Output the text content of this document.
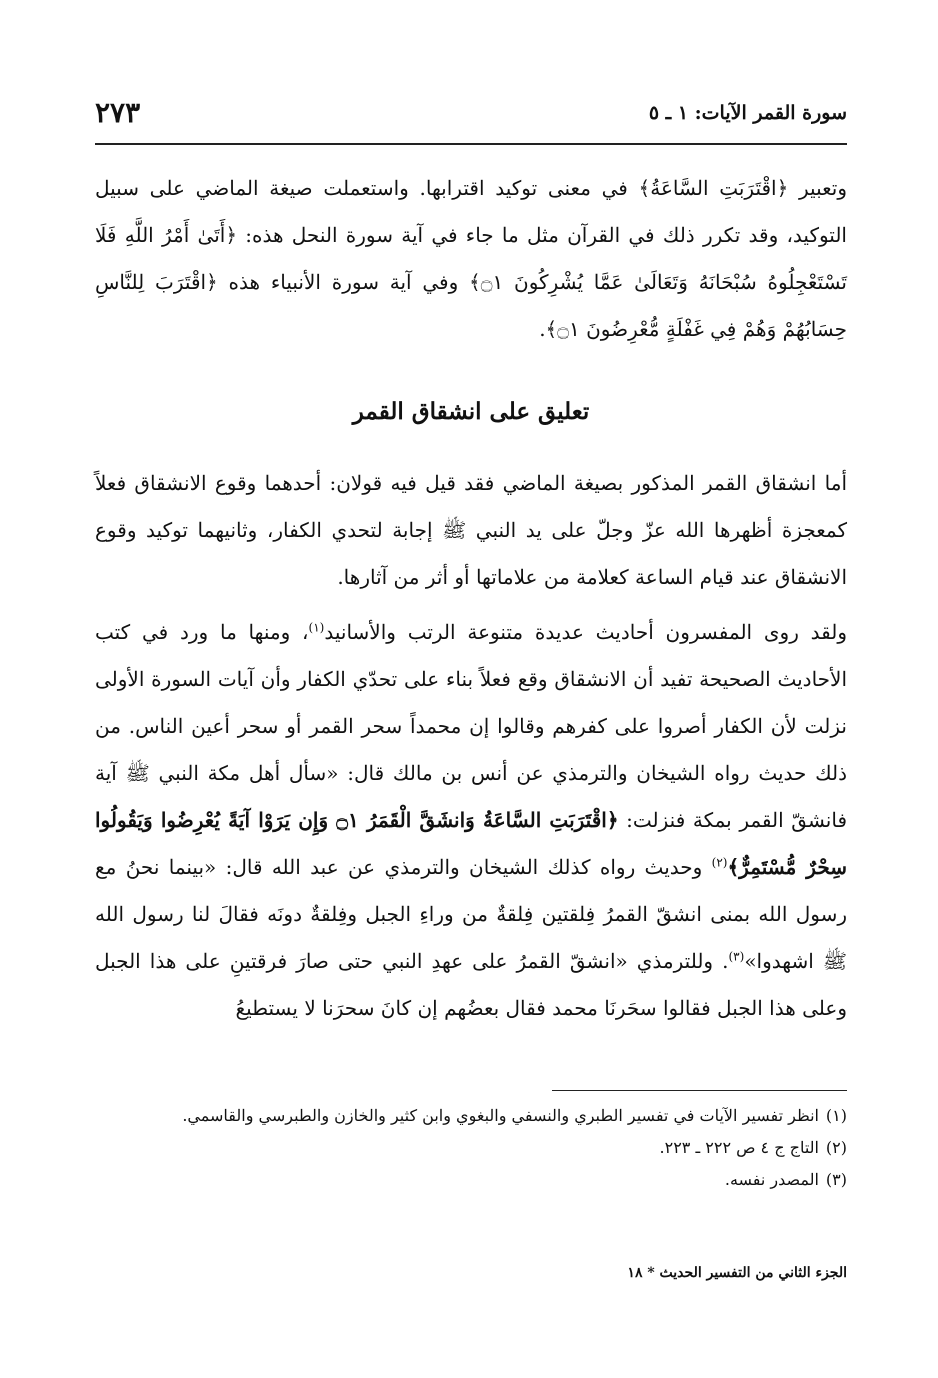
سورة القمر الآيات: ١ ـ ٥
٢٧٣

وتعبير ﴿اقْتَرَبَتِ السَّاعَةُ﴾ في معنى توكيد اقترابها. واستعملت صيغة الماضي على سبيل التوكيد، وقد تكرر ذلك في القرآن مثل ما جاء في آية سورة النحل هذه: ﴿أَتَىٰ أَمْرُ اللَّهِ فَلَا تَسْتَعْجِلُوهُ سُبْحَانَهُ وَتَعَالَىٰ عَمَّا يُشْرِكُونَ ۝١﴾ وفي آية سورة الأنبياء هذه ﴿اقْتَرَبَ لِلنَّاسِ حِسَابُهُمْ وَهُمْ فِي غَفْلَةٍ مُّعْرِضُونَ ۝١﴾.

تعليق على انشقاق القمر

أما انشقاق القمر المذكور بصيغة الماضي فقد قيل فيه قولان: أحدهما وقوع الانشقاق فعلاً كمعجزة أظهرها الله عزّ وجلّ على يد النبي ﷺ إجابة لتحدي الكفار، وثانيهما توكيد وقوع الانشقاق عند قيام الساعة كعلامة من علاماتها أو أثر من آثارها.

ولقد روى المفسرون أحاديث عديدة متنوعة الرتب والأسانيد$^{(١)}$، ومنها ما ورد في كتب الأحاديث الصحيحة تفيد أن الانشقاق وقع فعلاً بناء على تحدّي الكفار وأن آيات السورة الأولى نزلت لأن الكفار أصروا على كفرهم وقالوا إن محمداً سحر القمر أو سحر أعين الناس. من ذلك حديث رواه الشيخان والترمذي عن أنس بن مالك قال: «سأل أهل مكة النبي ﷺ آية فانشقّ القمر بمكة فنزلت: ﴿اقْتَرَبَتِ السَّاعَةُ وَانشَقَّ الْقَمَرُ ۝١ وَإِن يَرَوْا آيَةً يُعْرِضُوا وَيَقُولُوا سِحْرٌ مُّسْتَمِرٌّ﴾$^{(٢)}$ وحديث رواه كذلك الشيخان والترمذي عن عبد الله قال: «بينما نحنُ مع رسول الله بمنى انشقّ القمرُ فِلقتين فِلقةٌ من وراءِ الجبل وفِلقةٌ دونَه فقالَ لنا رسول الله ﷺ اشهدوا»$^{(٣)}$. وللترمذي «انشقّ القمرُ على عهدِ النبي حتى صارَ فرقتينِ على هذا الجبل وعلى هذا الجبل فقالوا سحَرنَا محمد فقال بعضُهم إن كانَ سحرَنا لا يستطيعُ

(١)
انظر تفسير الآيات في تفسير الطبري والنسفي والبغوي وابن كثير والخازن والطبرسي والقاسمي.

(٢)
التاج ج ٤ ص ٢٢٢ ـ ٢٢٣.

(٣)
المصدر نفسه.

الجزء الثاني من التفسير الحديث * ١٨
